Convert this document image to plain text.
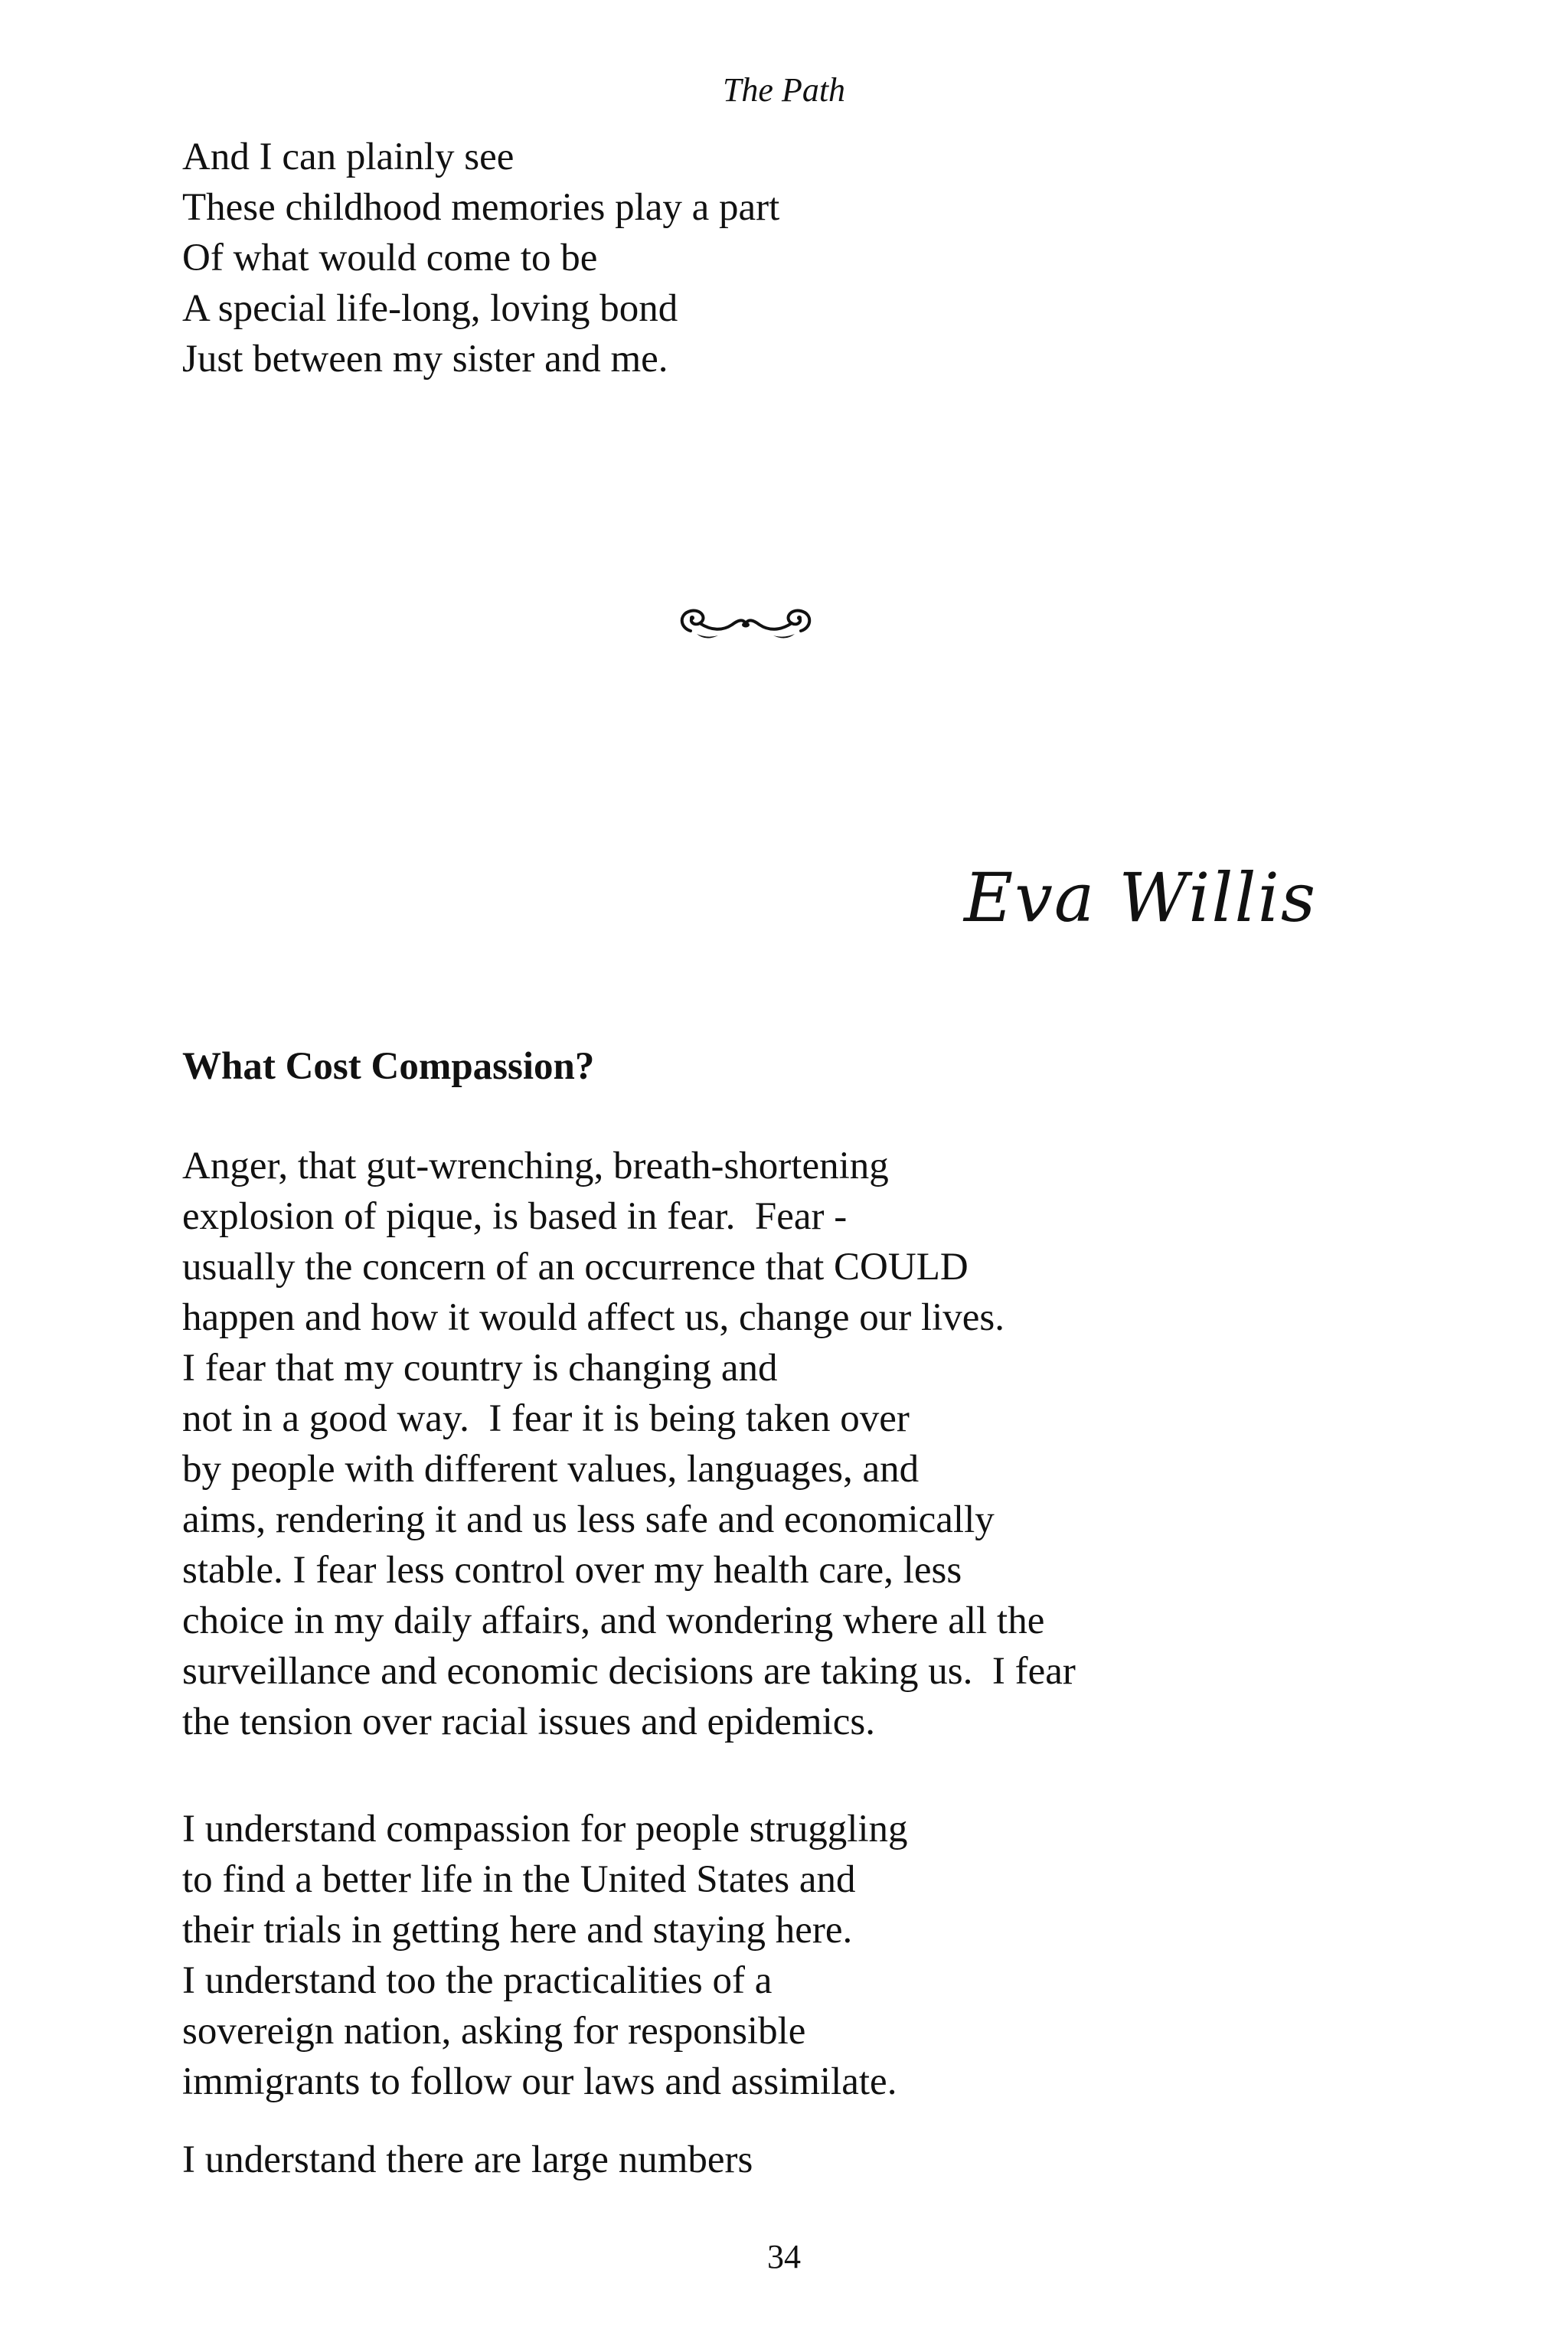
The Path
And I can plainly see
These childhood memories play a part
Of what would come to be
A special life-long, loving bond
Just between my sister and me.
Eva Willis
What Cost Compassion?
Anger, that gut-wrenching, breath-shortening
explosion of pique, is based in fear.  Fear -
usually the concern of an occurrence that COULD
happen and how it would affect us, change our lives.
I fear that my country is changing and
not in a good way.  I fear it is being taken over
by people with different values, languages, and
aims, rendering it and us less safe and economically
stable. I fear less control over my health care, less
choice in my daily affairs, and wondering where all the
surveillance and economic decisions are taking us.  I fear
the tension over racial issues and epidemics.
I understand compassion for people struggling
to find a better life in the United States and
their trials in getting here and staying here.
I understand too the practicalities of a
sovereign nation, asking for responsible
immigrants to follow our laws and assimilate.
I understand there are large numbers
34
